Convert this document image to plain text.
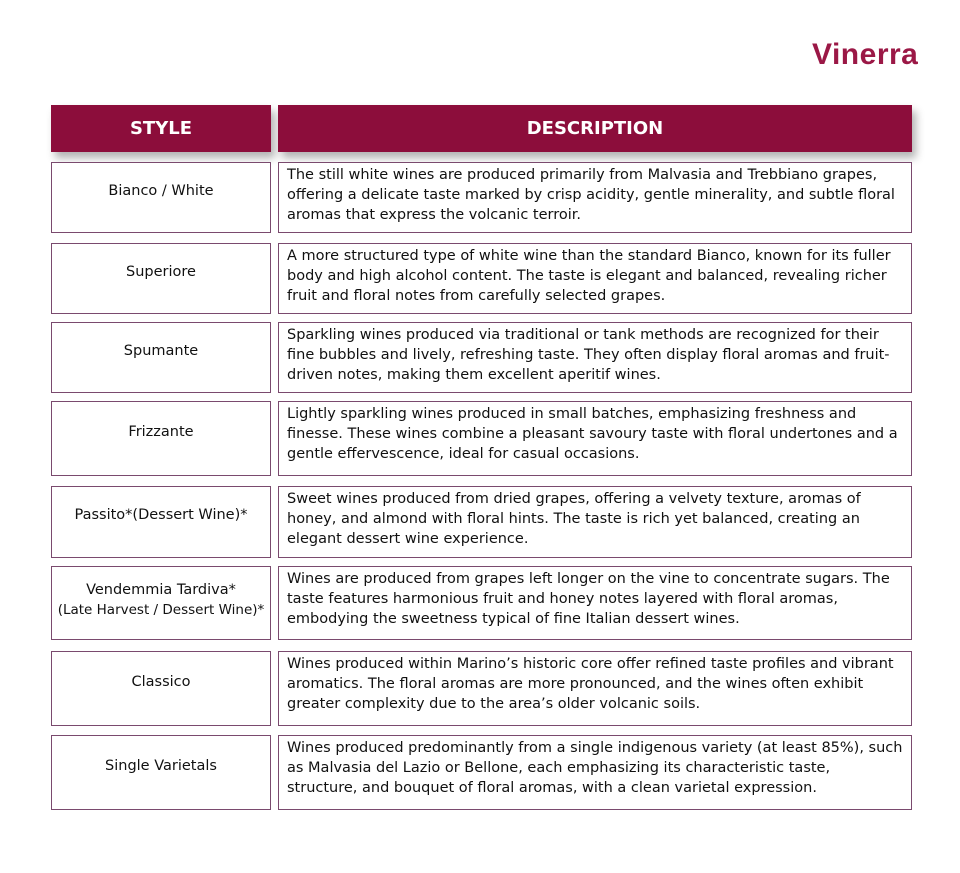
Vinerra
STYLE	DESCRIPTION
Bianco / White
The still white wines are produced primarily from Malvasia and Trebbiano grapes, offering a delicate taste marked by crisp acidity, gentle minerality, and subtle floral aromas that express the volcanic terroir.
Superiore
A more structured type of white wine than the standard Bianco, known for its fuller body and high alcohol content. The taste is elegant and balanced, revealing richer fruit and floral notes from carefully selected grapes.
Spumante
Sparkling wines produced via traditional or tank methods are recognized for their fine bubbles and lively, refreshing taste. They often display floral aromas and fruit-driven notes, making them excellent aperitif wines.
Frizzante
Lightly sparkling wines produced in small batches, emphasizing freshness and finesse. These wines combine a pleasant savoury taste with floral undertones and a gentle effervescence, ideal for casual occasions.
Passito*(Dessert Wine)*
Sweet wines produced from dried grapes, offering a velvety texture, aromas of honey, and almond with floral hints. The taste is rich yet balanced, creating an elegant dessert wine experience.
Vendemmia Tardiva*
(Late Harvest / Dessert Wine)*
Wines are produced from grapes left longer on the vine to concentrate sugars. The taste features harmonious fruit and honey notes layered with floral aromas, embodying the sweetness typical of fine Italian dessert wines.
Classico
Wines produced within Marino’s historic core offer refined taste profiles and vibrant aromatics. The floral aromas are more pronounced, and the wines often exhibit greater complexity due to the area’s older volcanic soils.
Single Varietals
Wines produced predominantly from a single indigenous variety (at least 85%), such as Malvasia del Lazio or Bellone, each emphasizing its characteristic taste, structure, and bouquet of floral aromas, with a clean varietal expression.
